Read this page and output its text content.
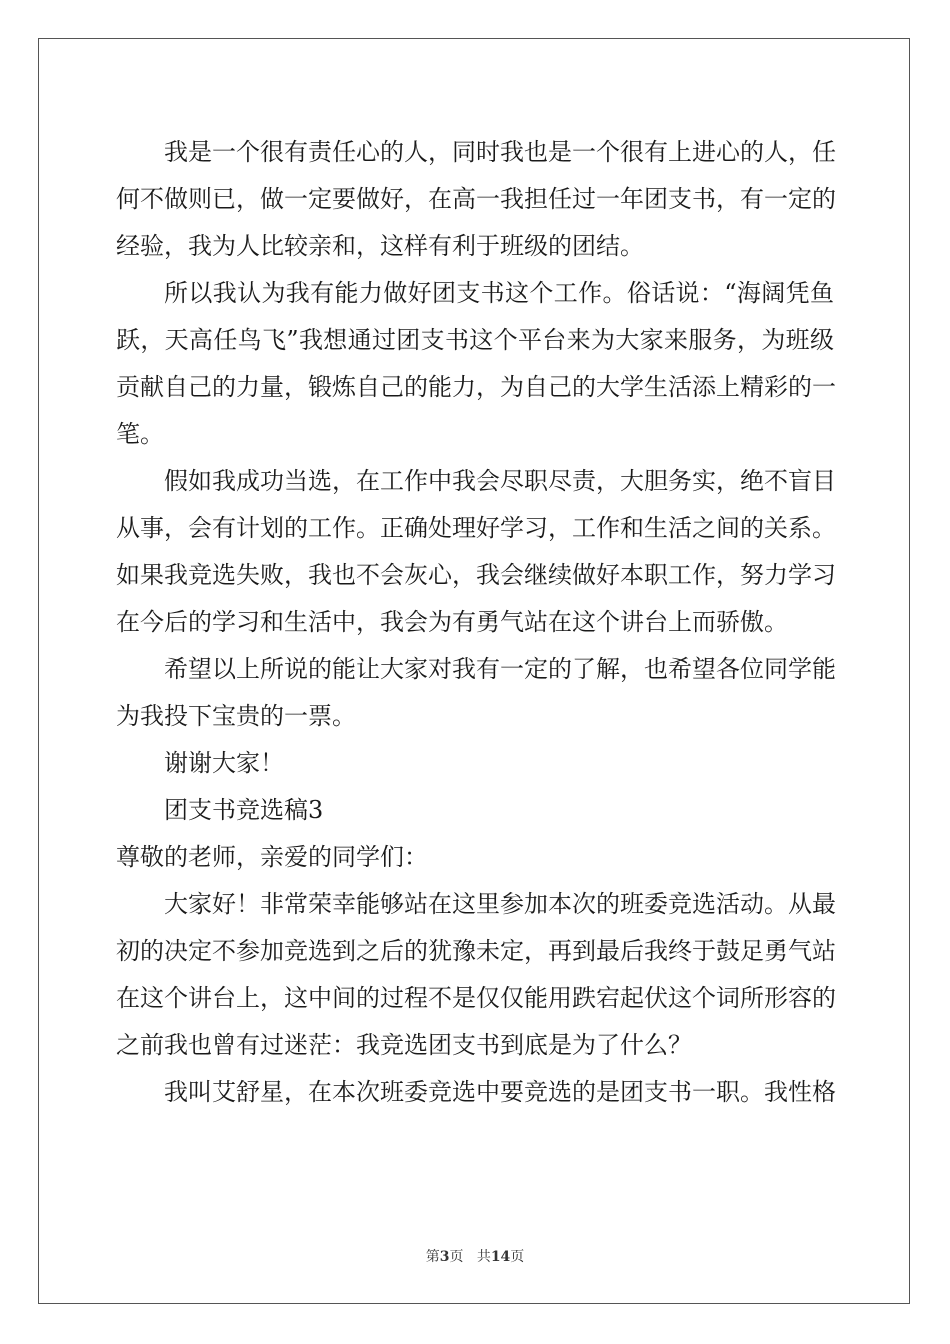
我是一个很有责任心的人，同时我也是一个很有上进心的人，任
何不做则已，做一定要做好，在高一我担任过一年团支书，有一定的
经验，我为人比较亲和，这样有利于班级的团结。
所以我认为我有能力做好团支书这个工作。俗话说：“海阔凭鱼
跃，天高任鸟飞”我想通过团支书这个平台来为大家来服务，为班级
贡献自己的力量，锻炼自己的能力，为自己的大学生活添上精彩的一
笔。
假如我成功当选，在工作中我会尽职尽责，大胆务实，绝不盲目
从事，会有计划的工作。正确处理好学习，工作和生活之间的关系。
如果我竞选失败，我也不会灰心，我会继续做好本职工作，努力学习
在今后的学习和生活中，我会为有勇气站在这个讲台上而骄傲。
希望以上所说的能让大家对我有一定的了解，也希望各位同学能
为我投下宝贵的一票。
谢谢大家！
团支书竞选稿3
尊敬的老师，亲爱的同学们：
大家好！非常荣幸能够站在这里参加本次的班委竞选活动。从最
初的决定不参加竞选到之后的犹豫未定，再到最后我终于鼓足勇气站
在这个讲台上，这中间的过程不是仅仅能用跌宕起伏这个词所形容的
之前我也曾有过迷茫：我竞选团支书到底是为了什么？
我叫艾舒星，在本次班委竞选中要竞选的是团支书一职。我性格
第3页 共14页
